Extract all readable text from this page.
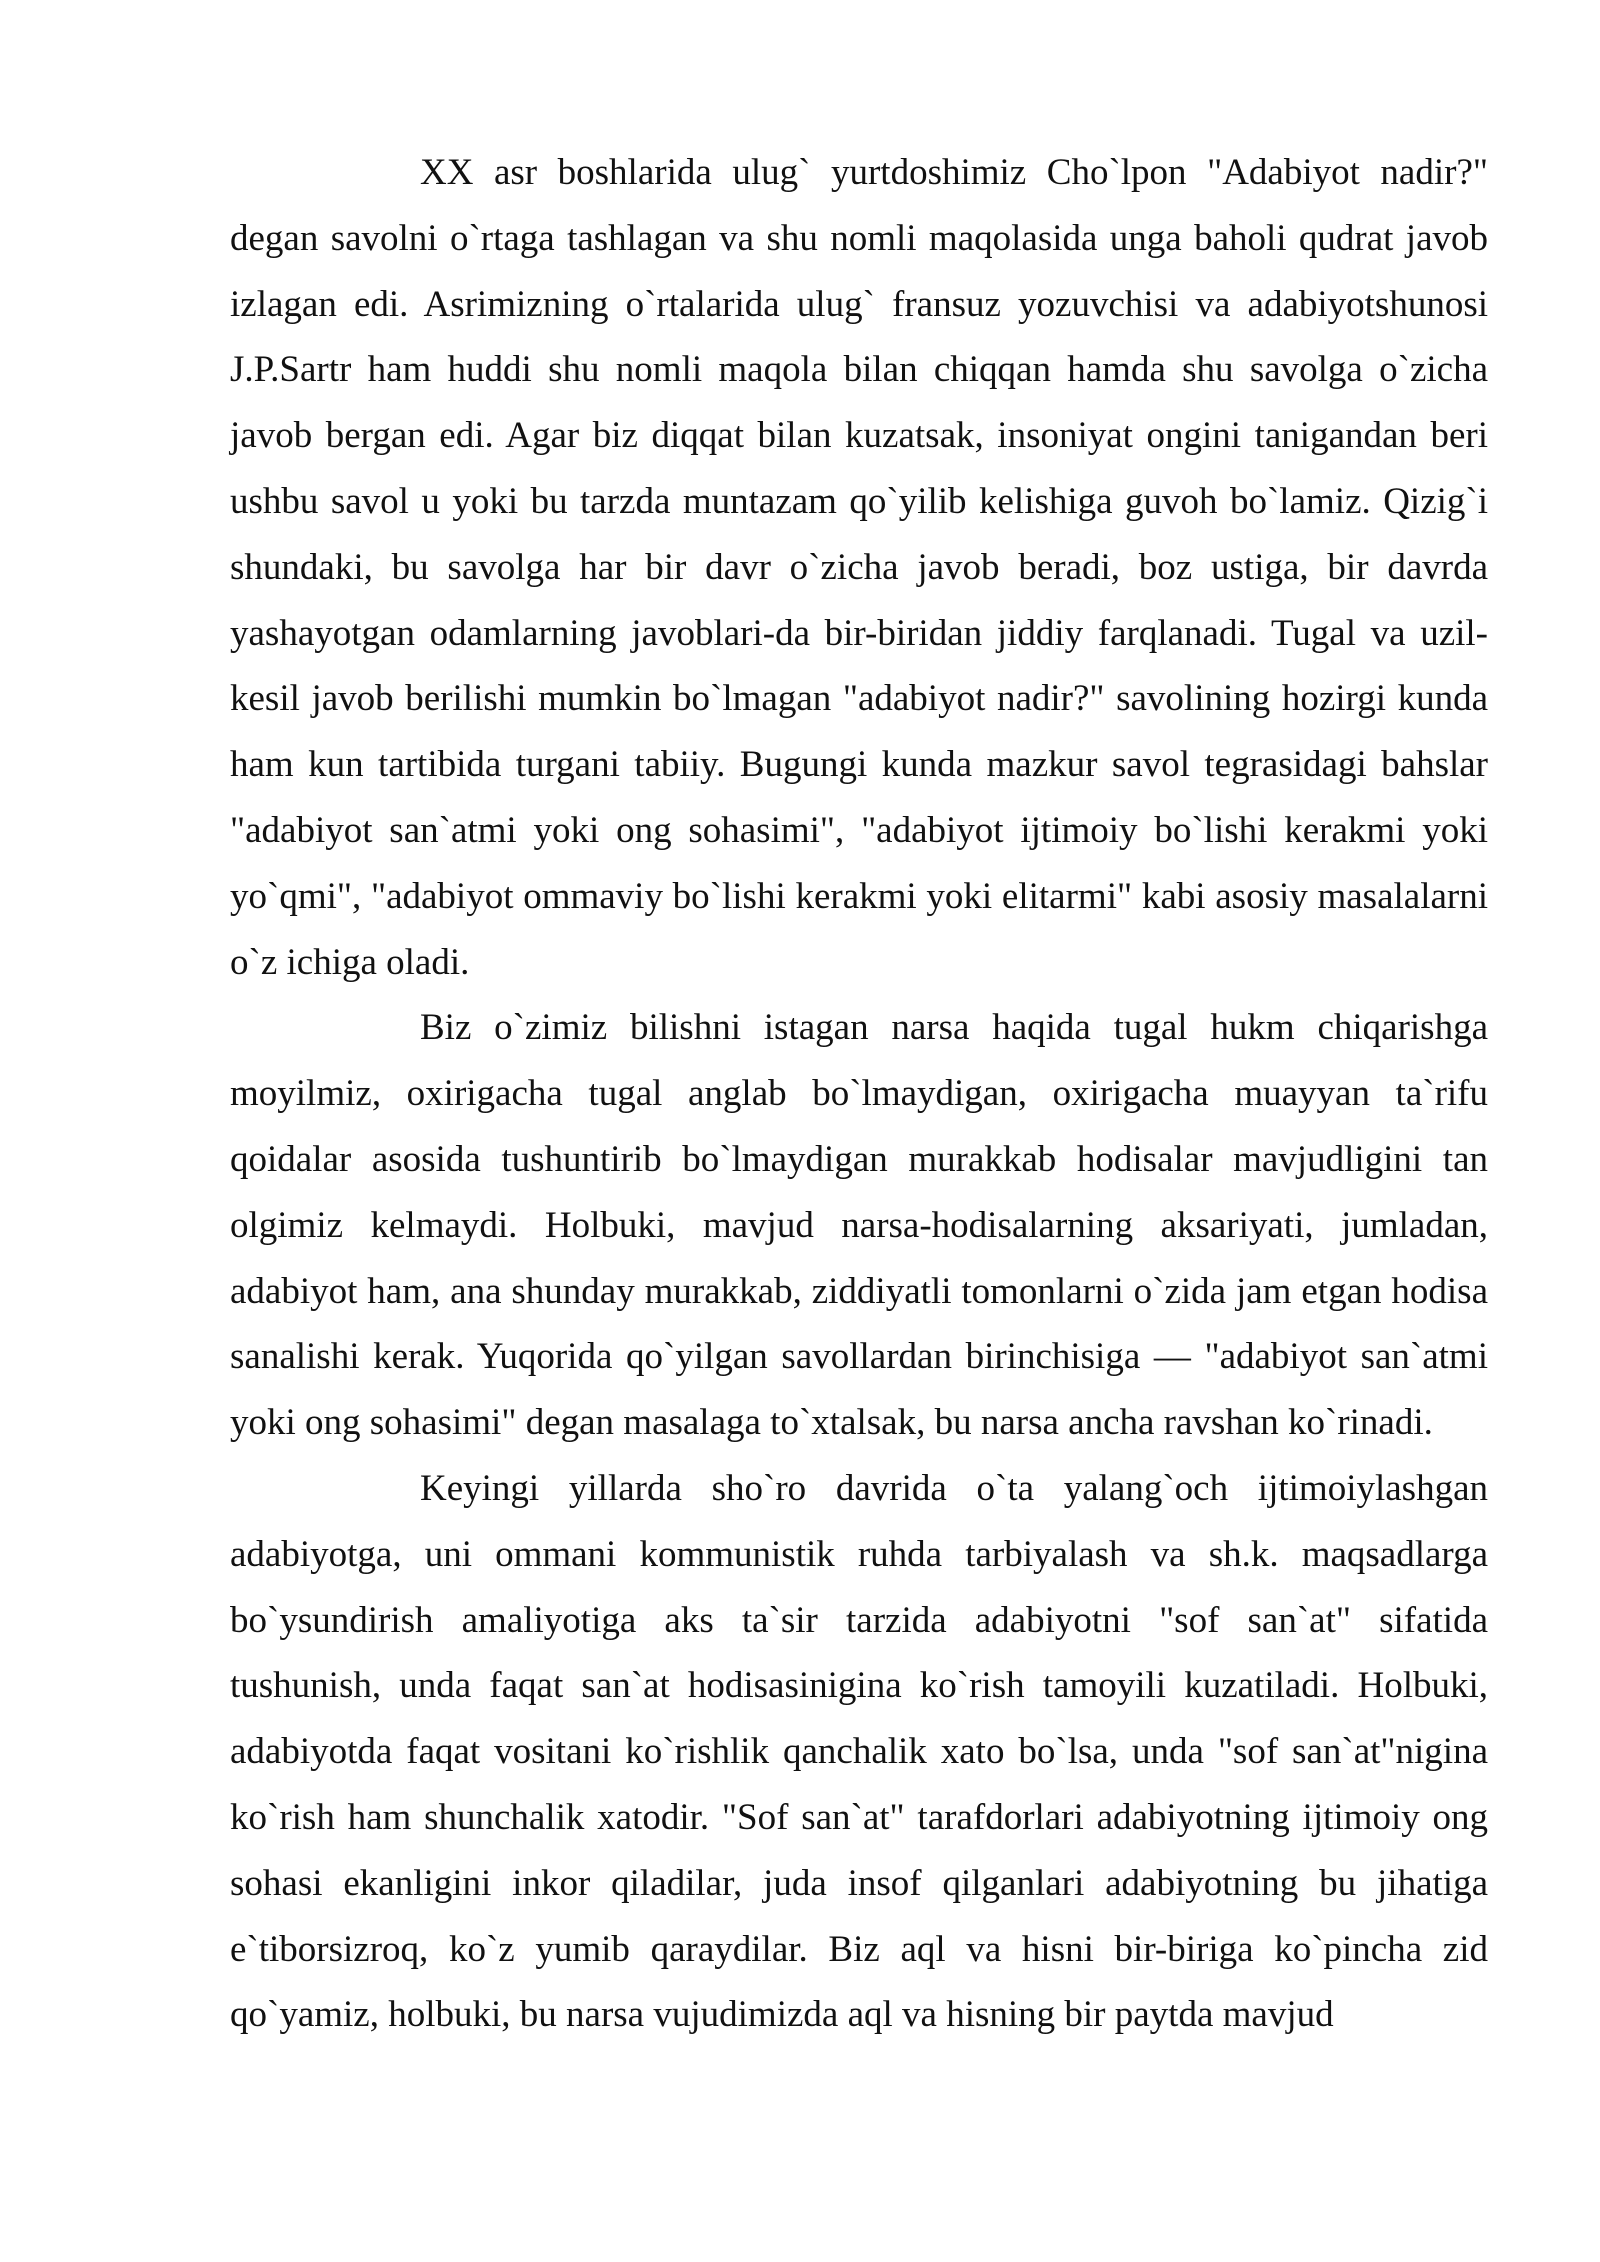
XX asr boshlarida ulug` yurtdoshimiz Cho`lpon "Adabiyot nadir?" degan savolni o`rtaga tashlagan va shu nomli maqolasida unga baholi qudrat javob izlagan edi. Asrimizning o`rtalarida ulug` fransuz yozuvchisi va adabiyotshunosi J.P.Sartr ham huddi shu nomli maqola bilan chiqqan hamda shu savolga o`zicha javob bergan edi. Agar biz diqqat bilan kuzatsak, insoniyat ongini tanigandan beri ushbu savol u yoki bu tarzda muntazam qo`yilib kelishiga guvoh bo`lamiz. Qizig`i shundaki, bu savolga har bir davr o`zicha javob beradi, boz ustiga, bir davrda yashayotgan odamlarning javoblari-da bir-biridan jiddiy farqlanadi. Tugal va uzil-kesil javob berilishi mumkin bo`lmagan "adabiyot nadir?" savolining hozirgi kunda ham kun tartibida turgani tabiiy. Bugungi kunda mazkur savol tegrasidagi bahslar "adabiyot san`atmi yoki ong sohasimi", "adabiyot ijtimoiy bo`lishi kerakmi yoki yo`qmi", "adabiyot ommaviy bo`lishi kerakmi yoki elitarmi" kabi asosiy masalalarni o`z ichiga oladi.

Biz o`zimiz bilishni istagan narsa haqida tugal hukm chiqarishga moyilmiz, oxirigacha tugal anglab bo`lmaydigan, oxirigacha muayyan ta`rifu qoidalar asosida tushuntirib bo`lmaydigan murakkab hodisalar mavjudligini tan olgimiz kelmaydi. Holbuki, mavjud narsa-hodisalarning aksariyati, jumladan, adabiyot ham, ana shunday murakkab, ziddiyatli tomonlarni o`zida jam etgan hodisa sanalishi kerak. Yuqorida qo`yilgan savollardan birinchisiga — "adabiyot san`atmi yoki ong sohasimi" degan masalaga to`xtalsak, bu narsa ancha ravshan ko`rinadi.

Keyingi yillarda sho`ro davrida o`ta yalang`och ijtimoiylashgan adabiyotga, uni ommani kommunistik ruhda tarbiyalash va sh.k. maqsadlarga bo`ysundirish amaliyotiga aks ta`sir tarzida adabiyotni "sof san`at" sifatida tushunish, unda faqat san`at hodisasinigina ko`rish tamoyili kuzatiladi. Holbuki, adabiyotda faqat vositani ko`rishlik qanchalik xato bo`lsa, unda "sof san`at"nigina ko`rish ham shunchalik xatodir. "Sof san`at" tarafdorlari adabiyotning ijtimoiy ong sohasi ekanligini inkor qiladilar, juda insof qilganlari adabiyotning bu jihatiga e`tiborsizroq, ko`z yumib qaraydilar. Biz aql va hisni bir-biriga ko`pincha zid qo`yamiz, holbuki, bu narsa vujudimizda aql va hisning bir paytda mavjud
